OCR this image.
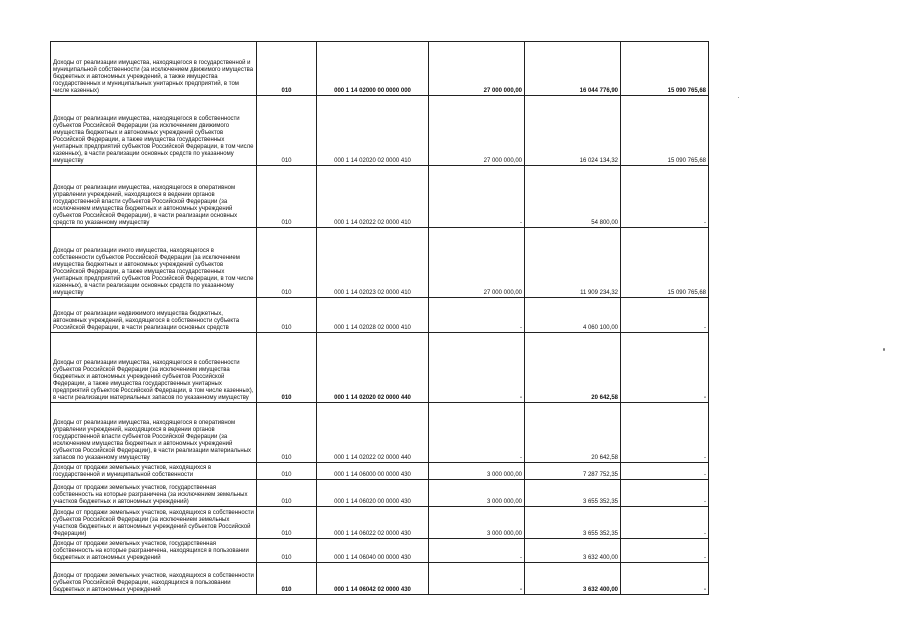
Доходы от реализации имущества, находящегося в государственной и муниципальной собственности (за исключением движимого имущества бюджетных и автономных учреждений, а также имущества государственных и муниципальных унитарных предприятий, в том числе казенных)	010	000 1 14 02000 00 0000 000	27 000 000,00	16 044 776,90	15 090 765,68
Доходы от реализации имущества, находящегося в собственности субъектов Российской Федерации (за исключением движимого имущества бюджетных и автономных учреждений субъектов Российской Федерации, а также имущества государственных унитарных предприятий субъектов Российской Федерации, в том числе казенных), в части реализации основных средств по указанному имуществу	010	000 1 14 02020 02 0000 410	27 000 000,00	16 024 134,32	15 090 765,68
Доходы от реализации имущества, находящегося в оперативном управлении учреждений, находящихся в ведении органов государственной власти субъектов Российской Федерации (за исключением имущества бюджетных и автономных учреждений субъектов Российской Федерации), в части реализации основных средств по указанному имуществу	010	000 1 14 02022 02 0000 410	-	54 800,00	-
Доходы от реализации иного имущества, находящегося в собственности субъектов Российской Федерации (за исключением имущества бюджетных и автономных учреждений субъектов Российской Федерации, а также имущества государственных унитарных предприятий субъектов Российской Федерации, в том числе казенных), в части реализации основных средств по указанному имуществу	010	000 1 14 02023 02 0000 410	27 000 000,00	11 909 234,32	15 090 765,68
Доходы от реализации недвижимого имущества бюджетных, автономных учреждений, находящегося в собственности субъекта Российской Федерации, в части реализации основных средств	010	000 1 14 02028 02 0000 410	-	4 060 100,00	-
Доходы от реализации имущества, находящегося в собственности субъектов Российской Федерации (за исключением имущества бюджетных и автономных учреждений субъектов Российской Федерации, а также имущества государственных унитарных предприятий субъектов Российской Федерации, в том числе казенных), в части реализации материальных запасов по указанному имуществу	010	000 1 14 02020 02 0000 440	-	20 642,58	-
Доходы от реализации имущества, находящегося в оперативном управлении учреждений, находящихся в ведении органов государственной власти субъектов Российской Федерации (за исключением имущества бюджетных и автономных учреждений субъектов Российской Федерации), в части реализации материальных запасов по указанному имуществу	010	000 1 14 02022 02 0000 440	-	20 642,58	-
Доходы от продажи земельных участков, находящихся в государственной и муниципальной собственности	010	000 1 14 06000 00 0000 430	3 000 000,00	7 287 752,35	-
Доходы от продажи земельных участков, государственная собственность на которые разграничена (за исключением земельных участков бюджетных и автономных учреждений)	010	000 1 14 06020 00 0000 430	3 000 000,00	3 655 352,35	-
Доходы от продажи земельных участков, находящихся в собственности субъектов Российской Федерации (за исключением земельных участков бюджетных и автономных учреждений субъектов Российской Федерации)	010	000 1 14 06022 02 0000 430	3 000 000,00	3 655 352,35	-
Доходы от продажи земельных участков, государственная собственность на которые разграничена, находящихся в пользовании бюджетных и автономных учреждений	010	000 1 14 06040 00 0000 430	-	3 632 400,00	-
Доходы от продажи земельных участков, находящихся в собственности субъектов Российской Федерации, находящихся в пользовании бюджетных и автономных учреждений	010	000 1 14 06042 02 0000 430	-	3 632 400,00	-
